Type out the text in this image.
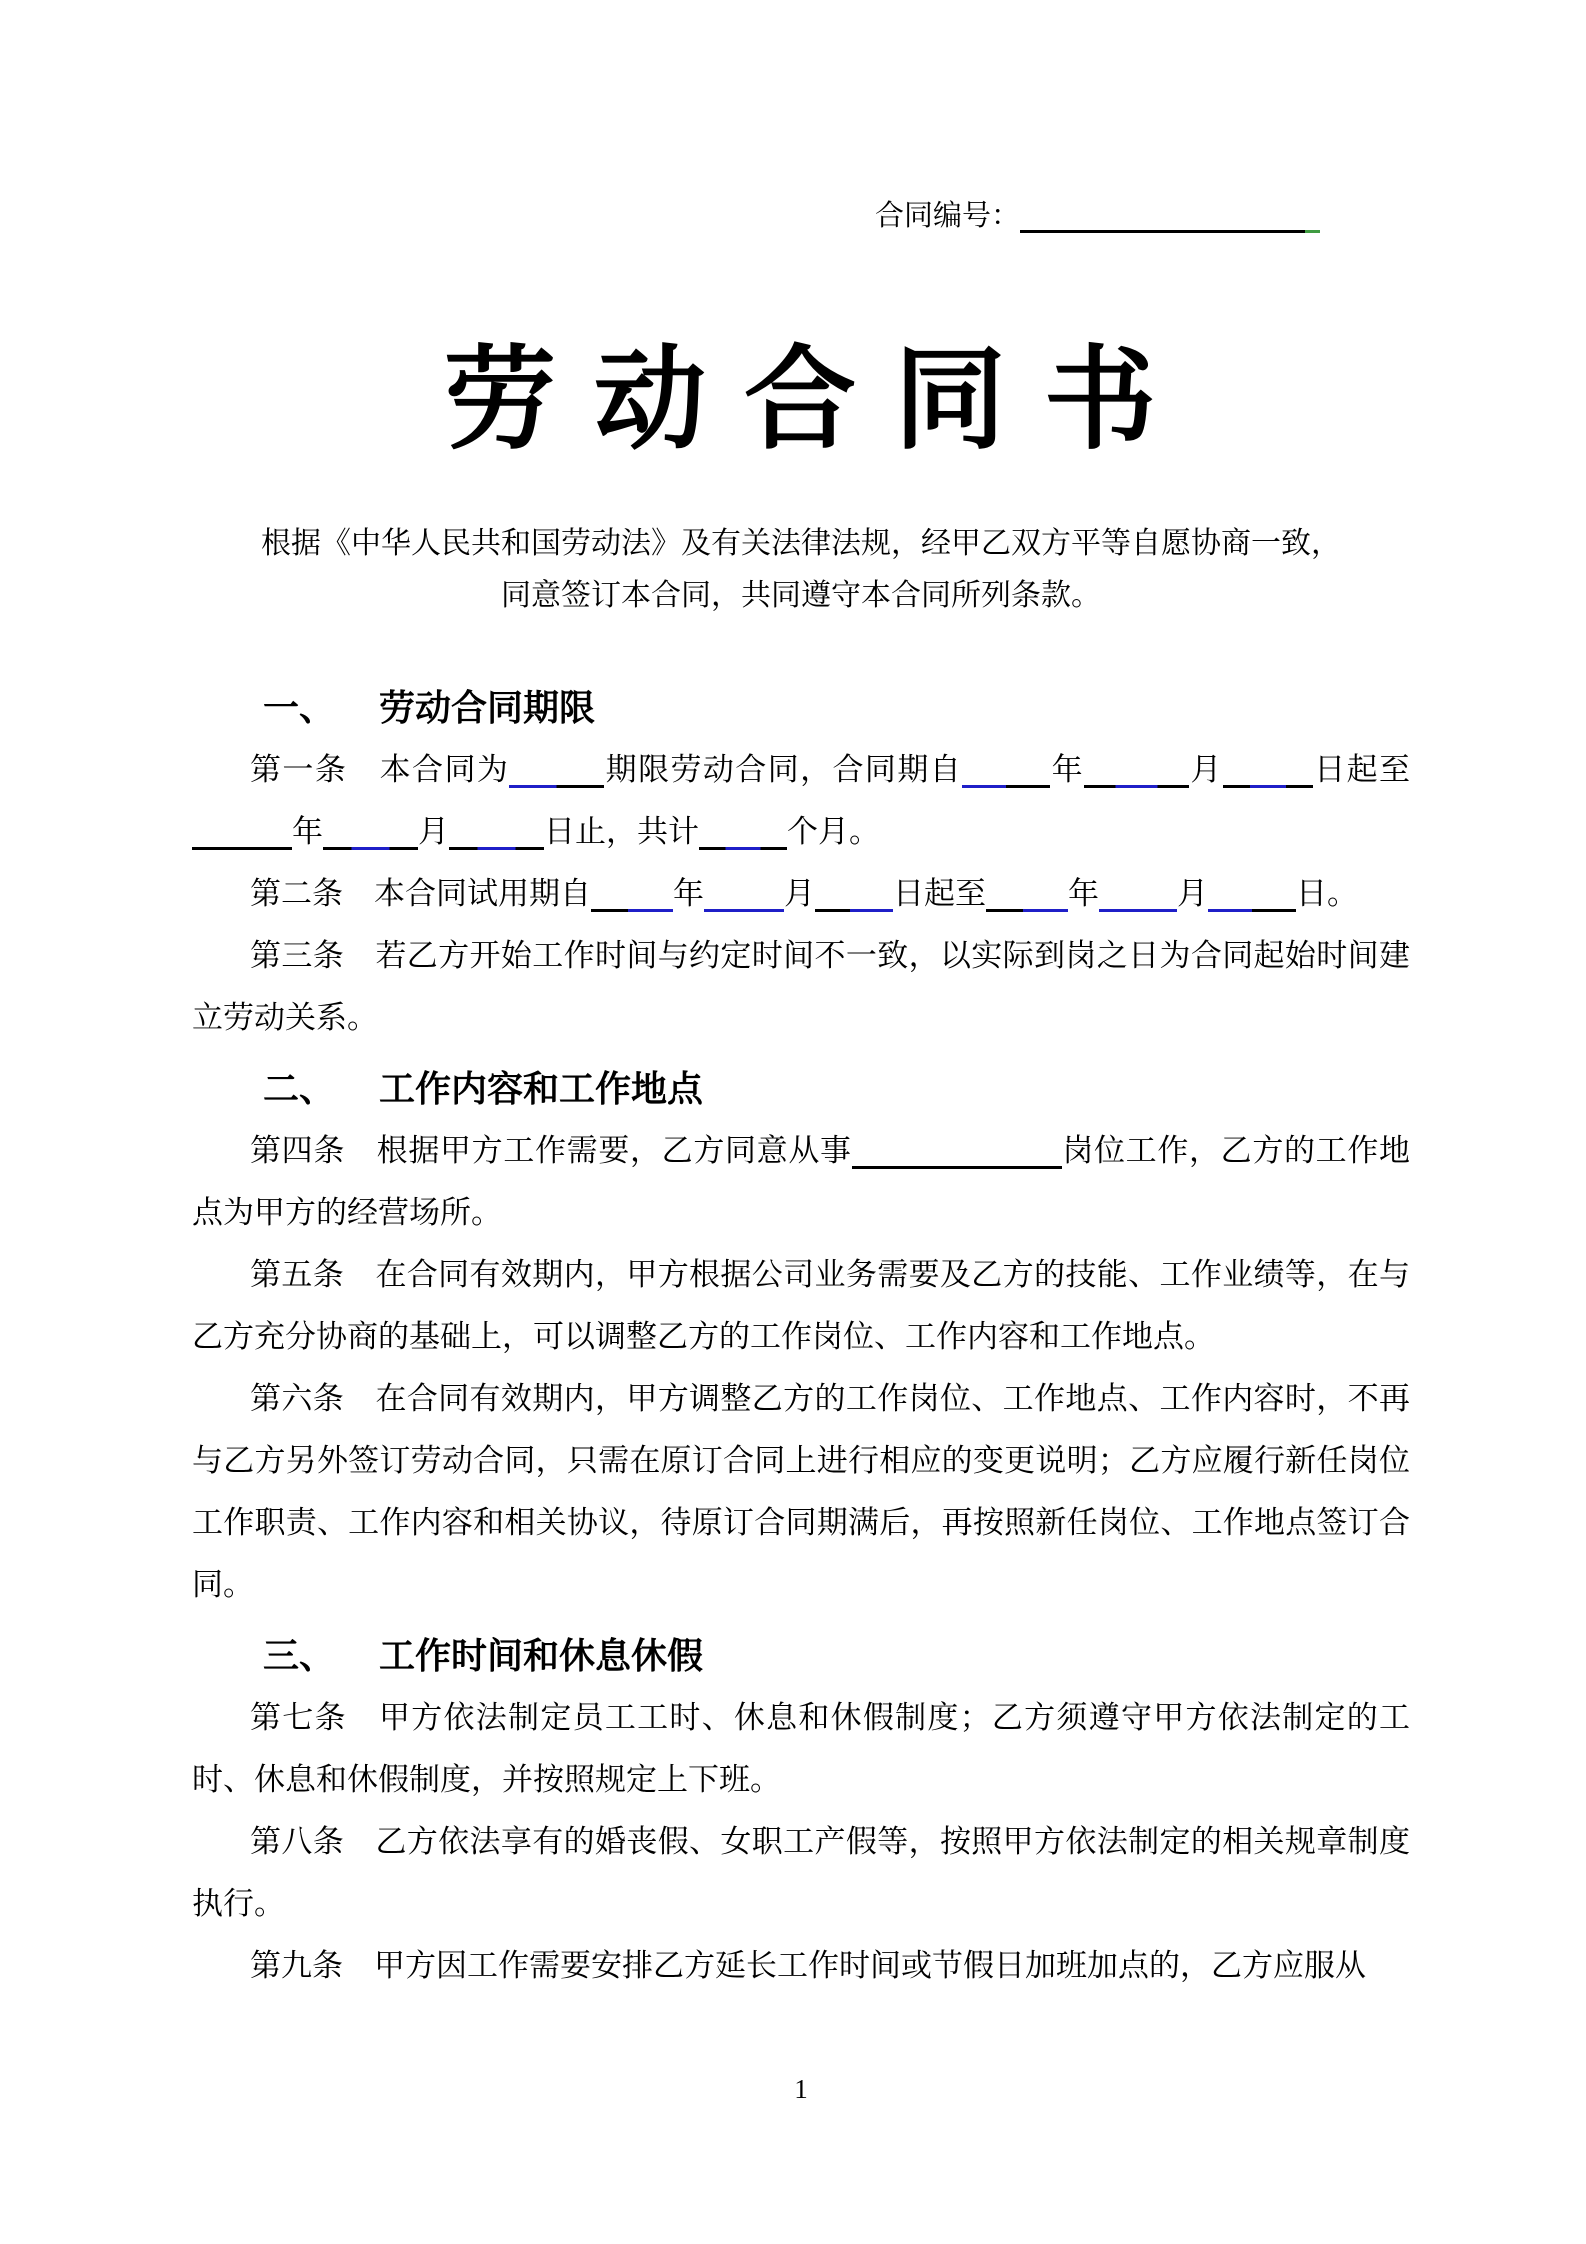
合同编号：
劳 动 合 同 书

根据《中华人民共和国劳动法》及有关法律法规，经甲乙双方平等自愿协商一致，同意签订本合同，共同遵守本合同所列条款。

一、 劳动合同期限

第一条　本合同为	期限劳动合同，合同期自	年	月	日起至年	月	日止，共计	个月。

第二条　本合同试用期自	年	月	日起至	年	月	日。

第三条　若乙方开始工作时间与约定时间不一致，以实际到岗之日为合同起始时间建立劳动关系。

二、 工作内容和工作地点

第四条　根据甲方工作需要，乙方同意从事	岗位工作，乙方的工作地点为甲方的经营场所。

第五条　在合同有效期内，甲方根据公司业务需要及乙方的技能、工作业绩等，在与乙方充分协商的基础上，可以调整乙方的工作岗位、工作内容和工作地点。

第六条　在合同有效期内，甲方调整乙方的工作岗位、工作地点、工作内容时，不再与乙方另外签订劳动合同，只需在原订合同上进行相应的变更说明；乙方应履行新任岗位工作职责、工作内容和相关协议，待原订合同期满后，再按照新任岗位、工作地点签订合同。

三、 工作时间和休息休假

第七条　甲方依法制定员工工时、休息和休假制度；乙方须遵守甲方依法制定的工时、休息和休假制度，并按照规定上下班。

第八条　乙方依法享有的婚丧假、女职工产假等，按照甲方依法制定的相关规章制度执行。

第九条　甲方因工作需要安排乙方延长工作时间或节假日加班加点的，乙方应服从

1
